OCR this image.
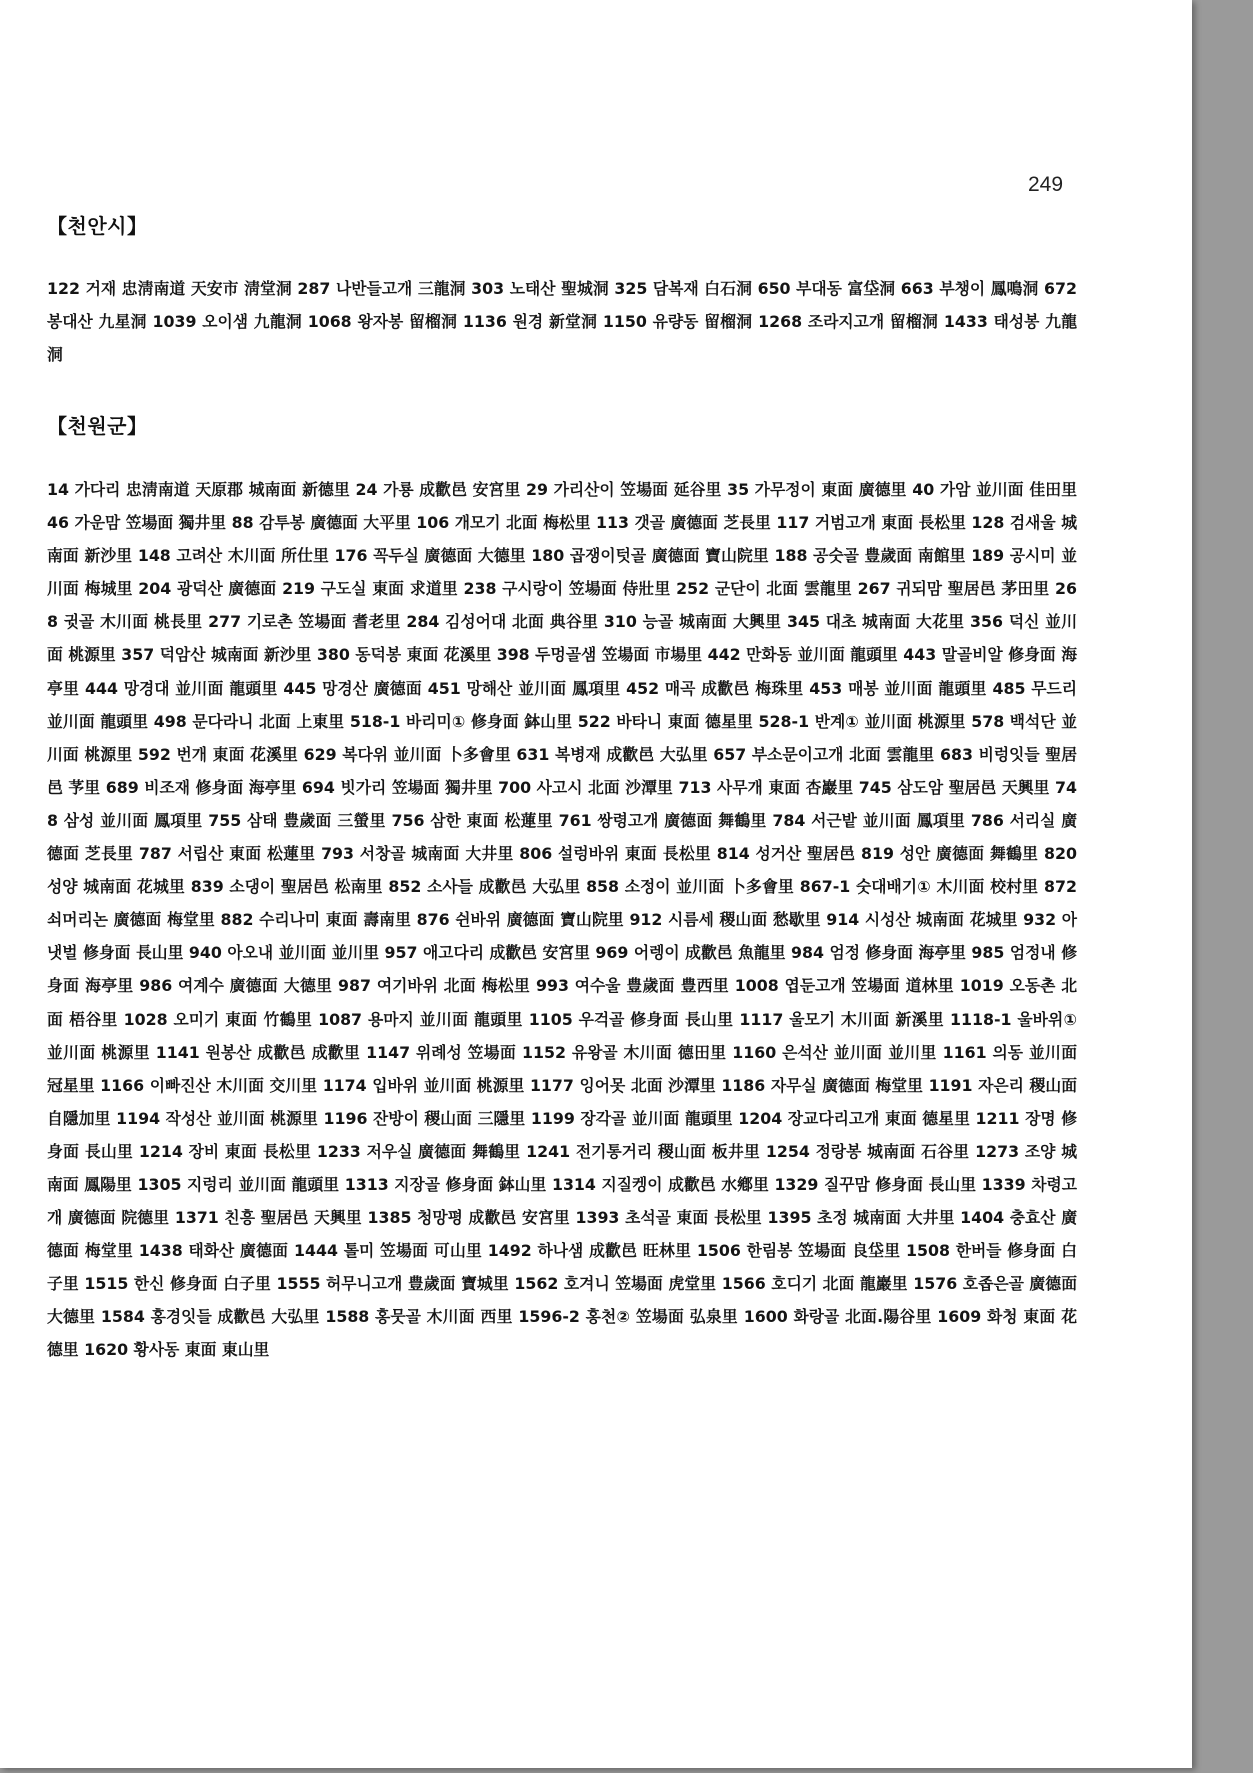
249
【천안시】

122 거재 忠淸南道 天安市 淸堂洞 287 나반들고개 三龍洞 303 노태산 聖城洞 325 담복재 白石洞 650 부대동 富垈洞 663 부챙이 鳳鳴洞 672 봉대산 九星洞 1039 오이샘 九龍洞 1068 왕자봉 留榴洞 1136 원경 新堂洞 1150 유량동 留榴洞 1268 조라지고개 留榴洞 1433 태성봉 九龍洞

【천원군】

14 가다리 忠淸南道 天原郡 城南面 新德里 24 가룡 成歡邑 安宮里 29 가리산이 笠場面 延谷里 35 가무정이 東面 廣德里 40 가암 並川面 佳田里 46 가운맘 笠場面 獨井里 88 감투봉 廣德面 大平里 106 개모기 北面 梅松里 113 갯골 廣德面 芝長里 117 거범고개 東面 長松里 128 검새울 城南面 新沙里 148 고려산 木川面 所仕里 176 꼭두실 廣德面 大德里 180 곱쟁이텃골 廣德面 寶山院里 188 공숫골 豊歲面 南館里 189 공시미 並川面 梅城里 204 광덕산 廣德面 219 구도실 東面 求道里 238 구시랑이 笠場面 侍壯里 252 군단이 北面 雲龍里 267 귀되맘 聖居邑 茅田里 268 귓골 木川面 桃長里 277 기로촌 笠場面 耆老里 284 김성어대 北面 典谷里 310 능골 城南面 大興里 345 대초 城南面 大花里 356 덕신 並川面 桃源里 357 덕암산 城南面 新沙里 380 동덕봉 東面 花溪里 398 두멍골샘 笠場面 市場里 442 만화동 並川面 龍頭里 443 말골비알 修身面 海亭里 444 망경대 並川面 龍頭里 445 망경산 廣德面 451 망해산 並川面 鳳項里 452 매곡 成歡邑 梅珠里 453 매봉 並川面 龍頭里 485 무드리 並川面 龍頭里 498 문다라니 北面 上東里 518-1 바리미① 修身面 鉢山里 522 바타니 東面 德星里 528-1 반계① 並川面 桃源里 578 백석단 並川面 桃源里 592 번개 東面 花溪里 629 복다위 並川面 卜多會里 631 복병재 成歡邑 大弘里 657 부소문이고개 北面 雲龍里 683 비렁잇들 聖居邑 芧里 689 비조재 修身面 海亭里 694 빗가리 笠場面 獨井里 700 사고시 北面 沙潭里 713 사무개 東面 杏巖里 745 삼도암 聖居邑 天興里 748 삼성 並川面 鳳項里 755 삼태 豊歲面 三螢里 756 삼한 東面 松蓮里 761 쌍령고개 廣德面 舞鶴里 784 서근밭 並川面 鳳項里 786 서리실 廣德面 芝長里 787 서립산 東面 松蓮里 793 서창골 城南面 大井里 806 설렁바위 東面 長松里 814 성거산 聖居邑 819 성안 廣德面 舞鶴里 820 성양 城南面 花城里 839 소댕이 聖居邑 松南里 852 소사들 成歡邑 大弘里 858 소정이 並川面 卜多會里 867-1 숫대배기① 木川面 校村里 872 쇠머리논 廣德面 梅堂里 882 수리나미 東面 壽南里 876 쉰바위 廣德面 寶山院里 912 시름세 稷山面 愁歇里 914 시성산 城南面 花城里 932 아냇벌 修身面 長山里 940 아오내 並川面 並川里 957 애고다리 成歡邑 安宮里 969 어렝이 成歡邑 魚龍里 984 엄정 修身面 海亭里 985 엄정내 修身面 海亭里 986 여계수 廣德面 大德里 987 여기바위 北面 梅松里 993 여수울 豊歲面 豊西里 1008 엽둔고개 笠場面 道林里 1019 오동촌 北面 梧谷里 1028 오미기 東面 竹鶴里 1087 용마지 並川面 龍頭里 1105 우걱골 修身面 長山里 1117 울모기 木川面 新溪里 1118-1 울바위① 並川面 桃源里 1141 원봉산 成歡邑 成歡里 1147 위례성 笠場面 1152 유왕골 木川面 德田里 1160 은석산 並川面 並川里 1161 의동 並川面 冠星里 1166 이빠진산 木川面 交川里 1174 입바위 並川面 桃源里 1177 잉어못 北面 沙潭里 1186 자무실 廣德面 梅堂里 1191 자은리 稷山面 自隱加里 1194 작성산 並川面 桃源里 1196 잔방이 稷山面 三隱里 1199 장각골 並川面 龍頭里 1204 장교다리고개 東面 德星里 1211 장명 修身面 長山里 1214 장비 東面 長松里 1233 저우실 廣德面 舞鶴里 1241 전기통거리 稷山面 板井里 1254 정랑봉 城南面 石谷里 1273 조양 城南面 鳳陽里 1305 지렁리 並川面 龍頭里 1313 지장골 修身面 鉢山里 1314 지질켕이 成歡邑 水鄕里 1329 질꾸맘 修身面 長山里 1339 차령고개 廣德面 院德里 1371 친흥 聖居邑 天興里 1385 청망평 成歡邑 安宮里 1393 초석골 東面 長松里 1395 초정 城南面 大井里 1404 충효산 廣德面 梅堂里 1438 태화산 廣德面 1444 톨미 笠場面 可山里 1492 하나샘 成歡邑 旺林里 1506 한림봉 笠場面 良垈里 1508 한버들 修身面 白子里 1515 한신 修身面 白子里 1555 허무니고개 豊歲面 寶城里 1562 호겨니 笠場面 虎堂里 1566 호디기 北面 龍巖里 1576 호좁은골 廣德面 大德里 1584 홍경잇들 成歡邑 大弘里 1588 홍뭇골 木川面 西里 1596-2 홍천② 笠場面 弘泉里 1600 화랑골 北面.陽谷里 1609 화청 東面 花德里 1620 황사동 東面 東山里
